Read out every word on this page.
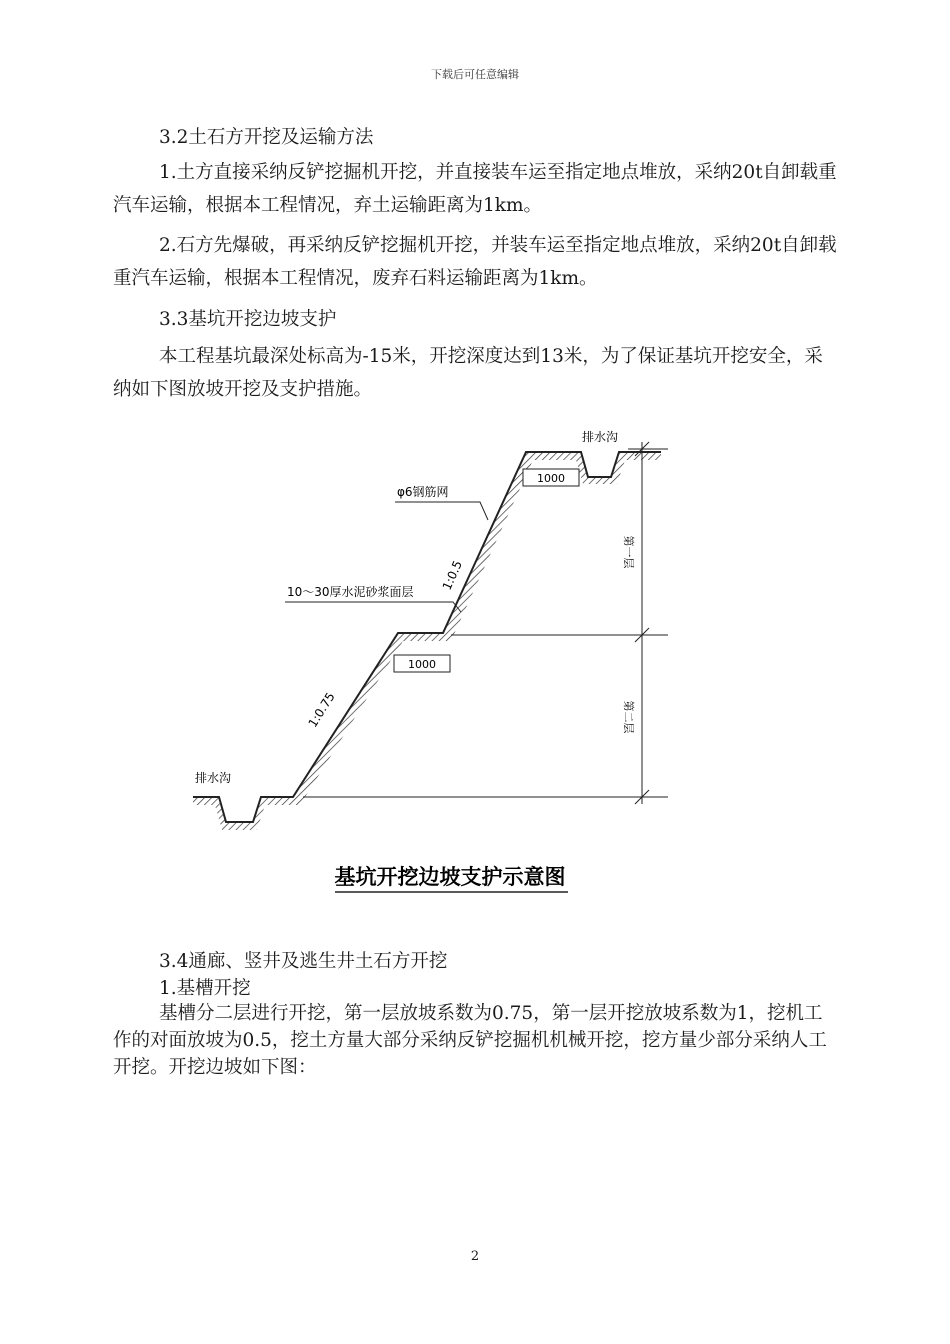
下载后可任意编辑
3.2土石方开挖及运输方法
1.土方直接采纳反铲挖掘机开挖，并直接装车运至指定地点堆放，采纳20t自卸载重汽车运输，根据本工程情况，弃土运输距离为1km。
2.石方先爆破，再采纳反铲挖掘机开挖，并装车运至指定地点堆放，采纳20t自卸载重汽车运输，根据本工程情况，废弃石料运输距离为1km。
3.3基坑开挖边坡支护
本工程基坑最深处标高为-15米，开挖深度达到13米，为了保证基坑开挖安全，采纳如下图放坡开挖及支护措施。
1000
1000
第一层
第二层
1:0.5
1:0.75
排水沟
排水沟
φ6钢筋网
10～30厚水泥砂浆面层
基坑开挖边坡支护示意图
3.4通廊、竖井及逃生井土石方开挖
1.基槽开挖
基槽分二层进行开挖，第一层放坡系数为0.75，第一层开挖放坡系数为1，挖机工作的对面放坡为0.5，挖土方量大部分采纳反铲挖掘机机械开挖，挖方量少部分采纳人工开挖。开挖边坡如下图：
2
